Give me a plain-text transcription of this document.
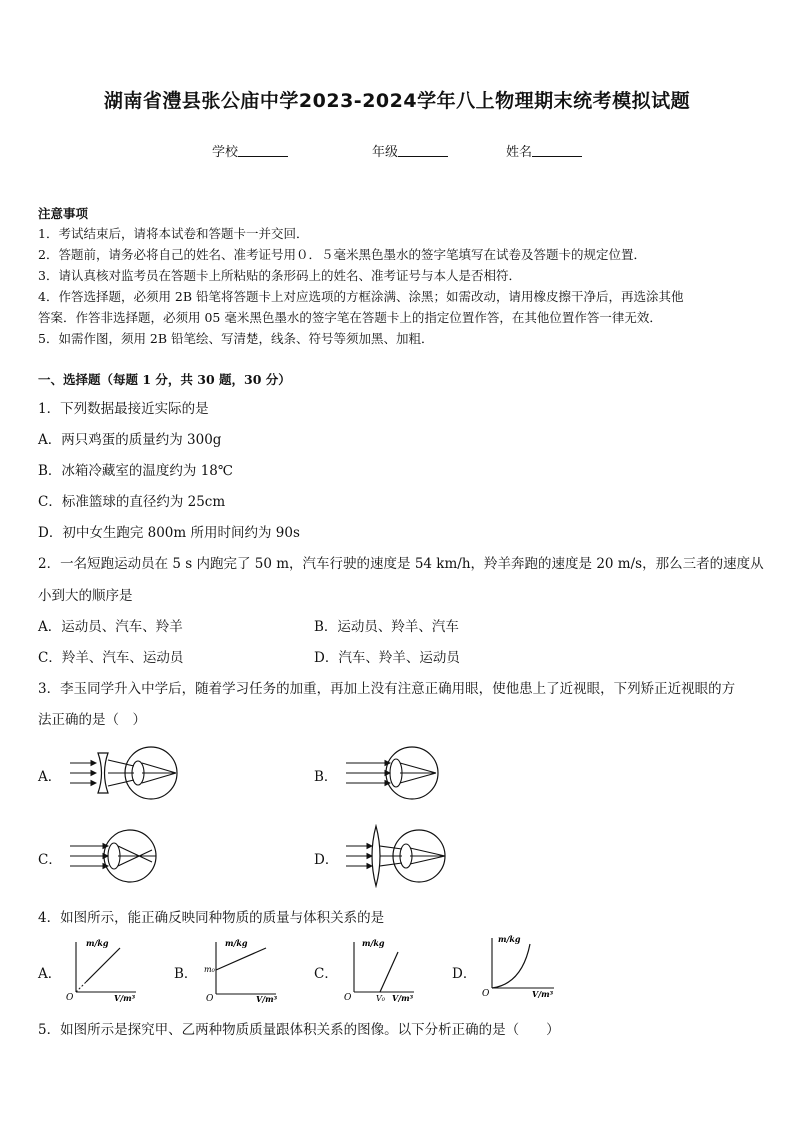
湖南省澧县张公庙中学2023-2024学年八上物理期末统考模拟试题
学校	年级	姓名
注意事项
1．考试结束后，请将本试卷和答题卡一并交回．
2．答题前，请务必将自己的姓名、准考证号用０．５毫米黑色墨水的签字笔填写在试卷及答题卡的规定位置．
3．请认真核对监考员在答题卡上所粘贴的条形码上的姓名、准考证号与本人是否相符．
4．作答选择题，必须用 2B 铅笔将答题卡上对应选项的方框涂满、涂黑；如需改动，请用橡皮擦干净后，再选涂其他
答案．作答非选择题，必须用 05 毫米黑色墨水的签字笔在答题卡上的指定位置作答，在其他位置作答一律无效．
5．如需作图，须用 2B 铅笔绘、写清楚，线条、符号等须加黑、加粗．
一、选择题（每题 1 分，共 30 题，30 分）
1．下列数据最接近实际的是
A．两只鸡蛋的质量约为 300g
B．冰箱冷藏室的温度约为 18℃
C．标准篮球的直径约为 25cm
D．初中女生跑完 800m 所用时间约为 90s
2．一名短跑运动员在 5 s 内跑完了 50 m，汽车行驶的速度是 54 km/h，羚羊奔跑的速度是 20 m/s，那么三者的速度从
小到大的顺序是
A．运动员、汽车、羚羊	B．运动员、羚羊、汽车
C．羚羊、汽车、运动员	D．汽车、羚羊、运动员
3．李玉同学升入中学后，随着学习任务的加重，再加上没有注意正确用眼，使他患上了近视眼，下列矫正近视眼的方
法正确的是（　）
A．	B．
C．	D．
4．如图所示，能正确反映同种物质的质量与体积关系的是
A．
m/kg
V/m³
O
B．
m/kg
V/m³
m₀
O
C．
m/kg
V/m³
V₀
O
D．
m/kg
V/m³
O
5．如图所示是探究甲、乙两种物质质量跟体积关系的图像。以下分析正确的是（　　）
